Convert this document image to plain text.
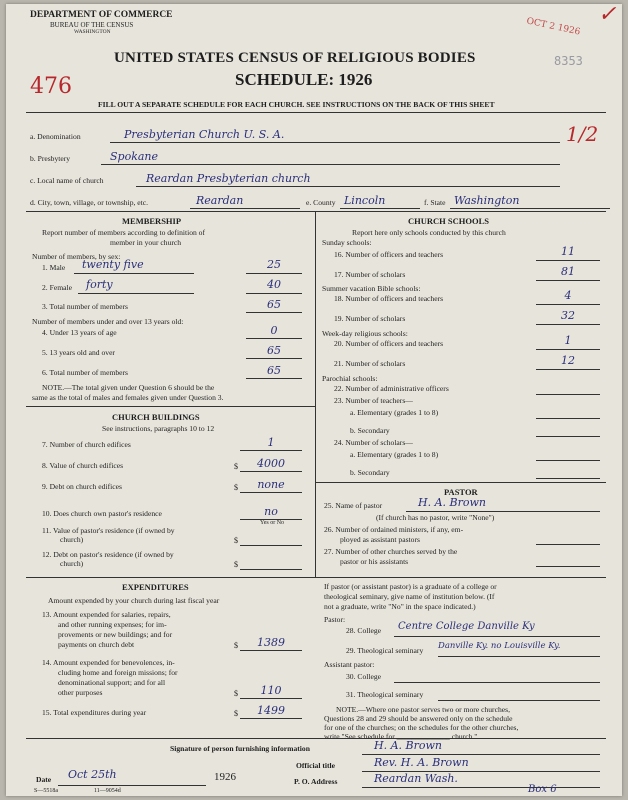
DEPARTMENT OF COMMERCE
BUREAU OF THE CENSUS
WASHINGTON	OCT 2 1926 ✓
8353
UNITED STATES CENSUS OF RELIGIOUS BODIES
SCHEDULE: 1926
476
FILL OUT A SEPARATE SCHEDULE FOR EACH CHURCH. SEE INSTRUCTIONS ON THE BACK OF THIS SHEET
a. Denomination	Presbyterian Church U. S. A.	1/2
b. Presbytery	Spokane
c. Local name of church	Reardan Presbyterian church
d. City, town, village, or township, etc.	Reardan	e. County Lincoln	f. State Washington
MEMBERSHIP
Report number of members according to definition of
member in your church
Number of members, by sex:
1. Male twenty five	25
2. Female forty	40
3. Total number of members	65
Number of members under and over 13 years old:
4. Under 13 years of age	0
5. 13 years old and over	65
6. Total number of members	65
NOTE.—The total given under Question 6 should be the
same as the total of males and females given under Question 3.
CHURCH BUILDINGS
See instructions, paragraphs 10 to 12
7. Number of church edifices	1
8. Value of church edifices	$	4000
9. Debt on church edifices	$	none
10. Does church own pastor's residence	no
Yes or No
11. Value of pastor's residence (if owned by
church)	$
12. Debt on pastor's residence (if owned by
church)	$
CHURCH SCHOOLS
Report here only schools conducted by this church
Sunday schools:
16. Number of officers and teachers	11
17. Number of scholars	81
Summer vacation Bible schools:
18. Number of officers and teachers	4
19. Number of scholars	32
Week-day religious schools:
20. Number of officers and teachers	1
21. Number of scholars	12
Parochial schools:
22. Number of administrative officers
23. Number of teachers—
a. Elementary (grades 1 to 8)
b. Secondary
24. Number of scholars—
a. Elementary (grades 1 to 8)
b. Secondary
PASTOR
25. Name of pastor	H. A. Brown
(If church has no pastor, write "None")
26. Number of ordained ministers, if any, em-
ployed as assistant pastors
27. Number of other churches served by the
pastor or his assistants
EXPENDITURES
Amount expended by your church during last fiscal year
13. Amount expended for salaries, repairs,
and other running expenses; for im-
provements or new buildings; and for
payments on church debt	$	1389
14. Amount expended for benevolences, in-
cluding home and foreign missions; for
denominational support; and for all
other purposes	$	110
15. Total expenditures during year	$	1499
If pastor (or assistant pastor) is a graduate of a college or
theological seminary, give name of institution below. (If
not a graduate, write "No" in the space indicated.)
Pastor:
28. College Centre College Danville Ky
29. Theological seminary Danville Ky. no Louisville Ky.
Assistant pastor:
30. College
31. Theological seminary
NOTE.—Where one pastor serves two or more churches,
Questions 28 and 29 should be answered only on the schedule
for one of the churches; on the schedules for the other churches,
write "See schedule for ______________ church."
Signature of person furnishing information	H. A. Brown
Official title	Rev. H. A. Brown
Date Oct 25th	1926	P. O. Address	Reardan Wash.
S—5518a	11—9054d	Box 6
